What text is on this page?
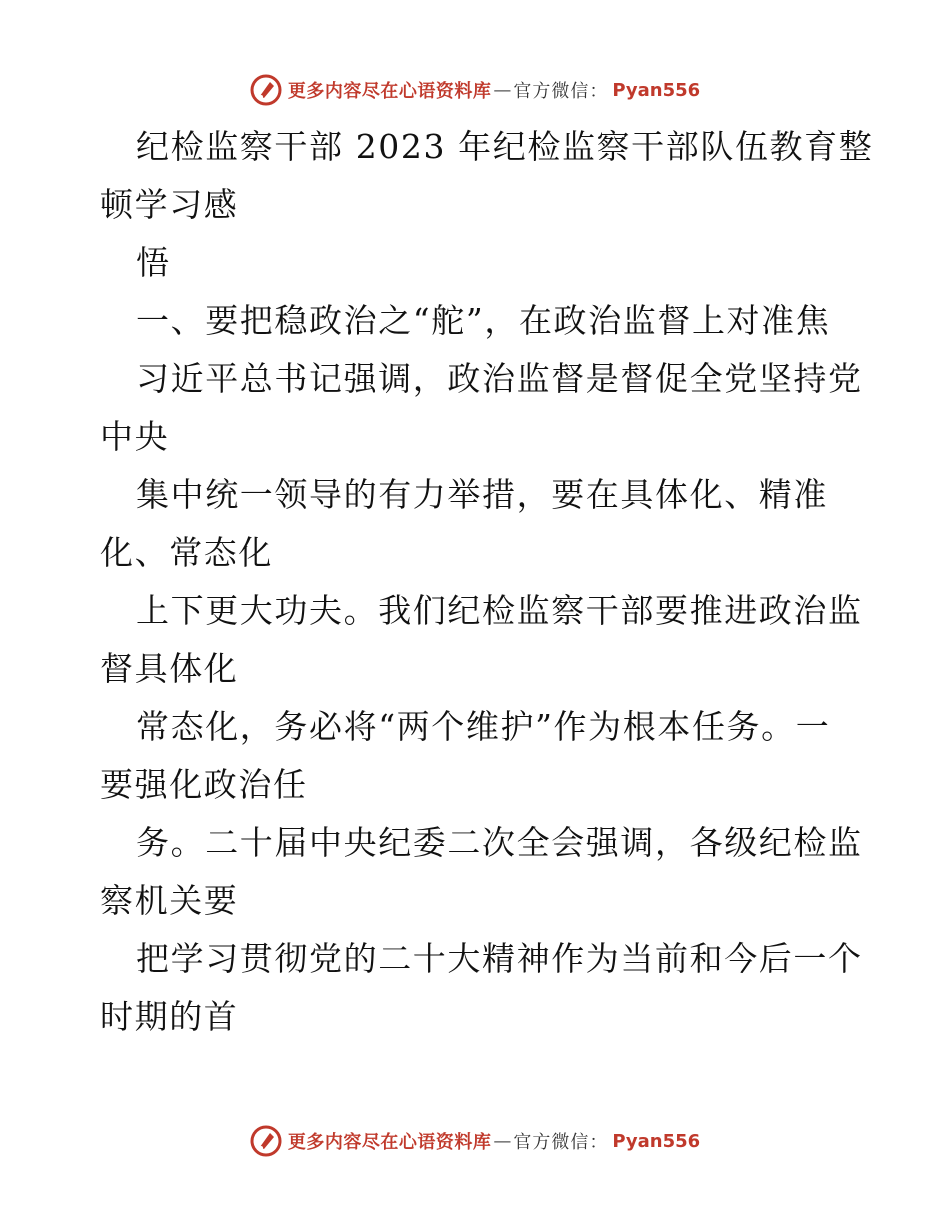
更多内容尽在心语资料库 — 官方微信： Pyan556
纪检监察干部 2023 年纪检监察干部队伍教育整
顿学习感
悟
一、要把稳政治之“舵”，在政治监督上对准焦
习近平总书记强调，政治监督是督促全党坚持党
中央
集中统一领导的有力举措，要在具体化、精准
化、常态化
上下更大功夫。我们纪检监察干部要推进政治监
督具体化
常态化，务必将“两个维护”作为根本任务。一
要强化政治任
务。二十届中央纪委二次全会强调，各级纪检监
察机关要
把学习贯彻党的二十大精神作为当前和今后一个
时期的首
更多内容尽在心语资料库 — 官方微信： Pyan556
